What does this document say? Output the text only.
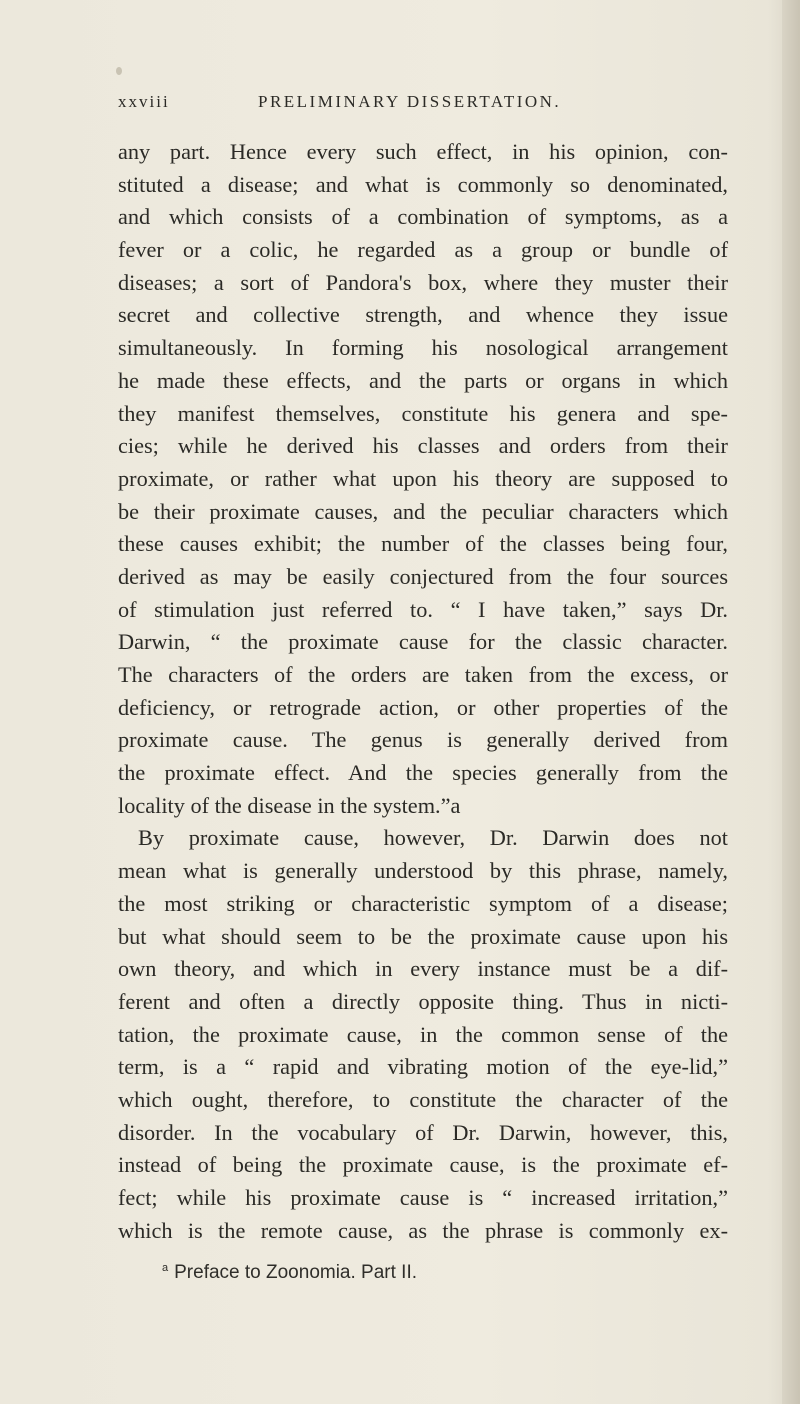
xxviii	PRELIMINARY DISSERTATION.
any part. Hence every such effect, in his opinion, con-
stituted a disease; and what is commonly so denominated,
and which consists of a combination of symptoms, as a
fever or a colic, he regarded as a group or bundle of
diseases; a sort of Pandora's box, where they muster their
secret and collective strength, and whence they issue
simultaneously. In forming his nosological arrangement
he made these effects, and the parts or organs in which
they manifest themselves, constitute his genera and spe-
cies; while he derived his classes and orders from their
proximate, or rather what upon his theory are supposed to
be their proximate causes, and the peculiar characters which
these causes exhibit; the number of the classes being four,
derived as may be easily conjectured from the four sources
of stimulation just referred to. “ I have taken,” says Dr.
Darwin, “ the proximate cause for the classic character.
The characters of the orders are taken from the excess, or
deficiency, or retrograde action, or other properties of the
proximate cause. The genus is generally derived from
the proximate effect. And the species generally from the
locality of the disease in the system.”a
By proximate cause, however, Dr. Darwin does not
mean what is generally understood by this phrase, namely,
the most striking or characteristic symptom of a disease;
but what should seem to be the proximate cause upon his
own theory, and which in every instance must be a dif-
ferent and often a directly opposite thing. Thus in nicti-
tation, the proximate cause, in the common sense of the
term, is a “ rapid and vibrating motion of the eye-lid,”
which ought, therefore, to constitute the character of the
disorder. In the vocabulary of Dr. Darwin, however, this,
instead of being the proximate cause, is the proximate ef-
fect; while his proximate cause is “ increased irritation,”
which is the remote cause, as the phrase is commonly ex-
$^a$ Preface to Zoonomia. Part II.
